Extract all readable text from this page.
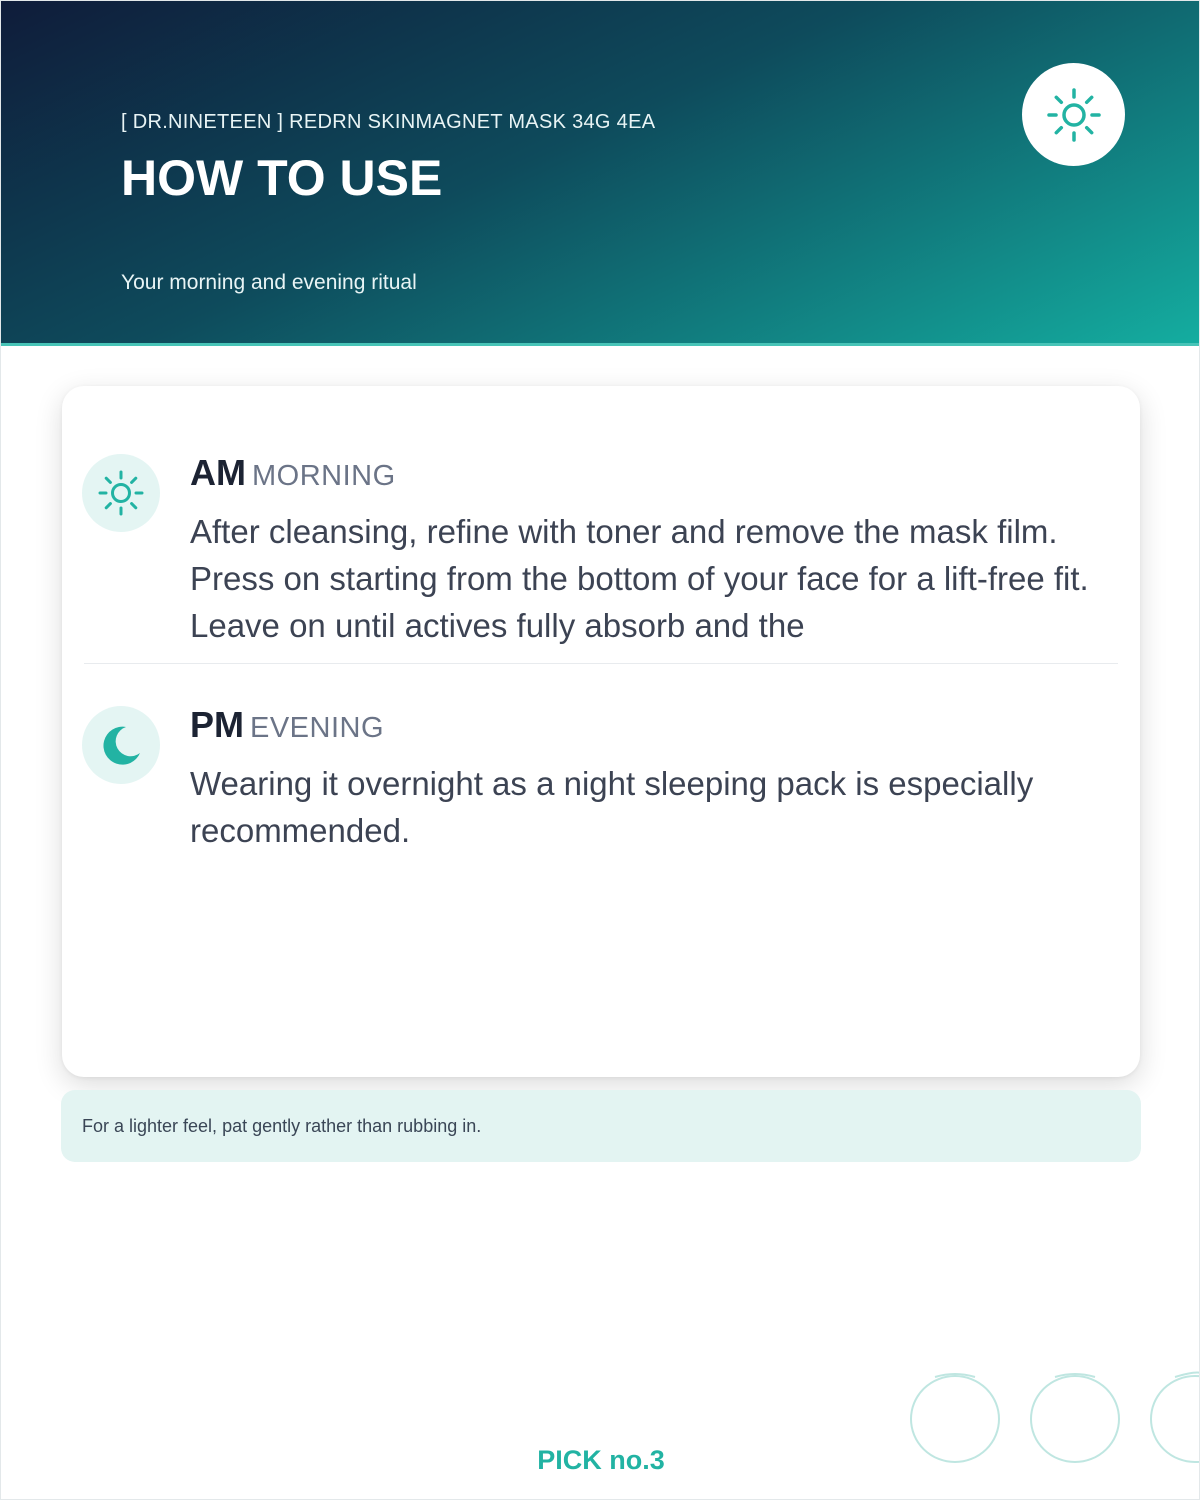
[ DR.NINETEEN ] REDRN SKINMAGNET MASK 34G 4EA
HOW TO USE
Your morning and evening ritual
AM MORNING
After cleansing, refine with toner and remove the mask film. Press on starting from the bottom of your face for a lift-free fit. Leave on until actives fully absorb and the
PM EVENING
Wearing it overnight as a night sleeping pack is especially recommended.
For a lighter feel, pat gently rather than rubbing in.
PICK no.3
